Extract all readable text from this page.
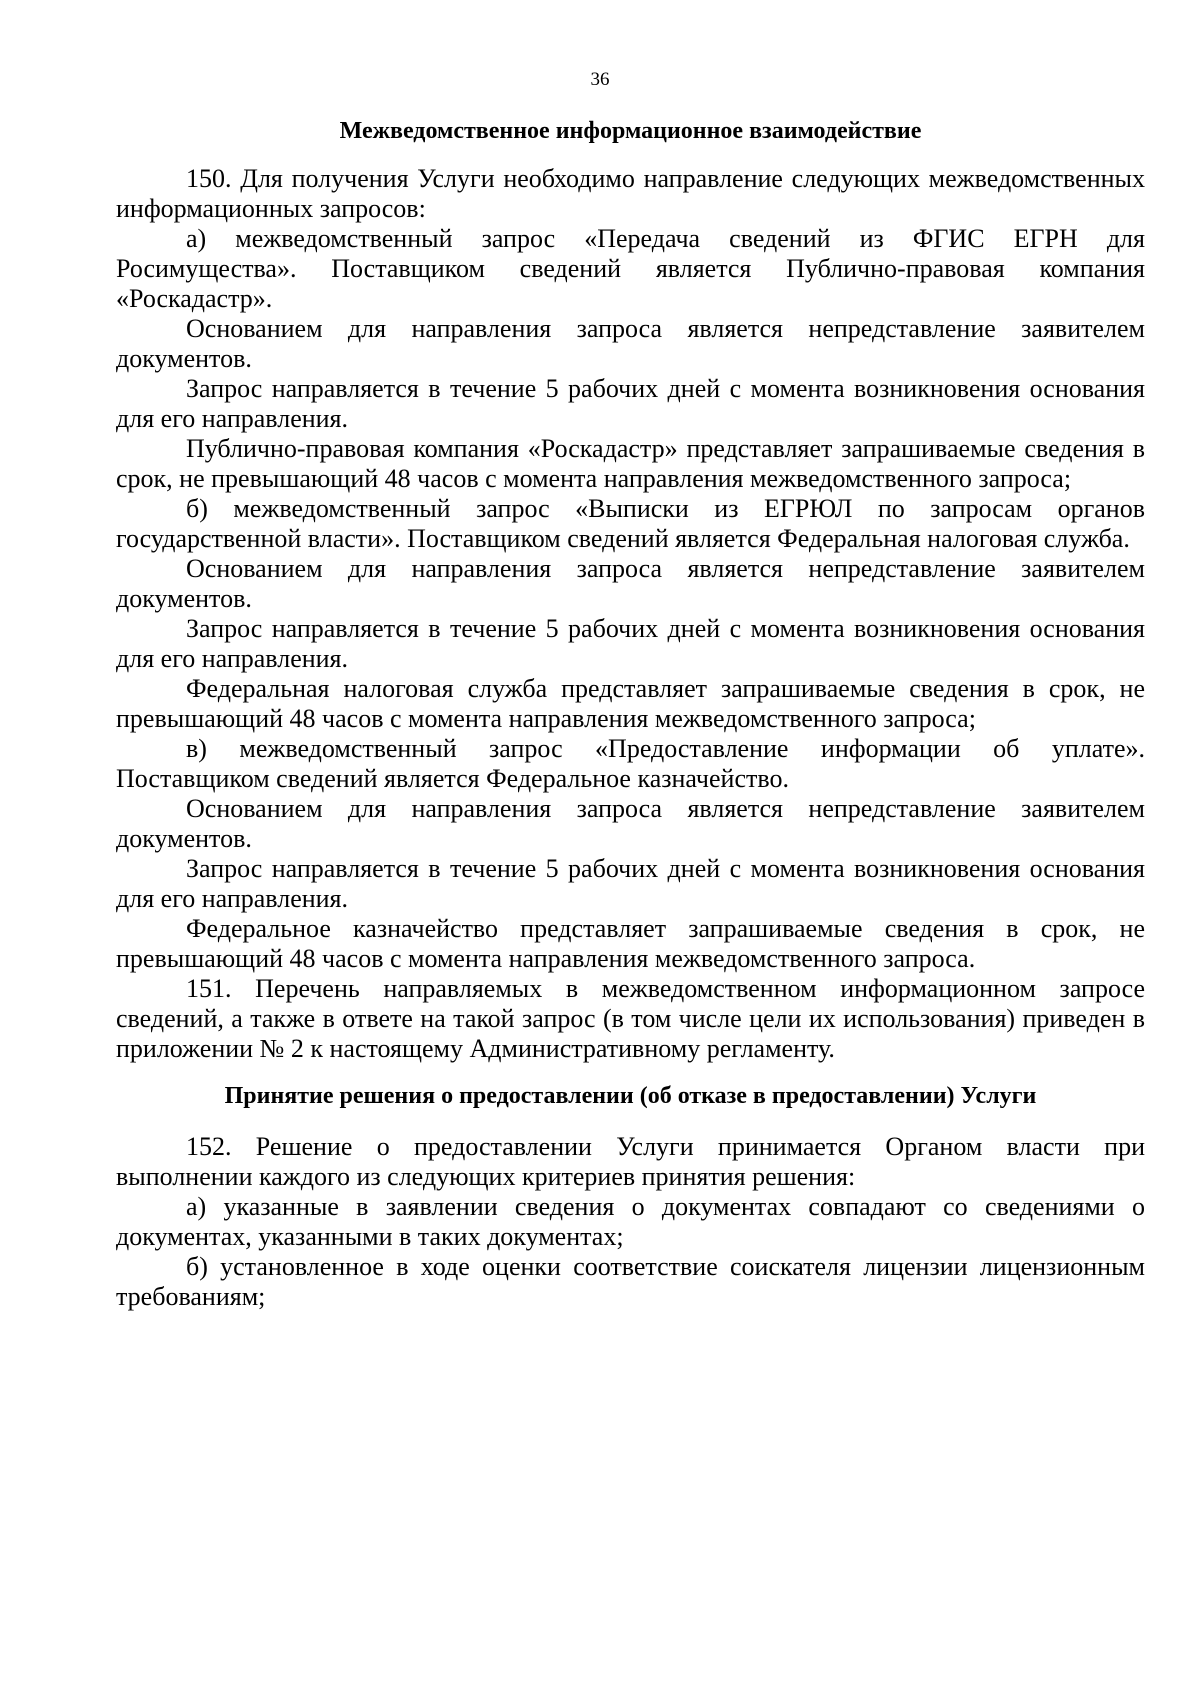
36
Межведомственное информационное взаимодействие

150. Для получения Услуги необходимо направление следующих межведомственных информационных запросов:

а) межведомственный запрос «Передача сведений из ФГИС ЕГРН для Росимущества». Поставщиком сведений является Публично-правовая компания «Роскадастр».

Основанием для направления запроса является непредставление заявителем документов.

Запрос направляется в течение 5 рабочих дней с момента возникновения основания для его направления.

Публично-правовая компания «Роскадастр» представляет запрашиваемые сведения в срок, не превышающий 48 часов с момента направления межведомственного запроса;

б) межведомственный запрос «Выписки из ЕГРЮЛ по запросам органов государственной власти». Поставщиком сведений является Федеральная налоговая служба.

Основанием для направления запроса является непредставление заявителем документов.

Запрос направляется в течение 5 рабочих дней с момента возникновения основания для его направления.

Федеральная налоговая служба представляет запрашиваемые сведения в срок, не превышающий 48 часов с момента направления межведомственного запроса;

в) межведомственный запрос «Предоставление информации об уплате». Поставщиком сведений является Федеральное казначейство.

Основанием для направления запроса является непредставление заявителем документов.

Запрос направляется в течение 5 рабочих дней с момента возникновения основания для его направления.

Федеральное казначейство представляет запрашиваемые сведения в срок, не превышающий 48 часов с момента направления межведомственного запроса.

151. Перечень направляемых в межведомственном информационном запросе сведений, а также в ответе на такой запрос (в том числе цели их использования) приведен в приложении № 2 к настоящему Административному регламенту.

Принятие решения о предоставлении (об отказе в предоставлении) Услуги

152. Решение о предоставлении Услуги принимается Органом власти при выполнении каждого из следующих критериев принятия решения:

а) указанные в заявлении сведения о документах совпадают со сведениями о документах, указанными в таких документах;

б) установленное в ходе оценки соответствие соискателя лицензии лицензионным требованиям;
